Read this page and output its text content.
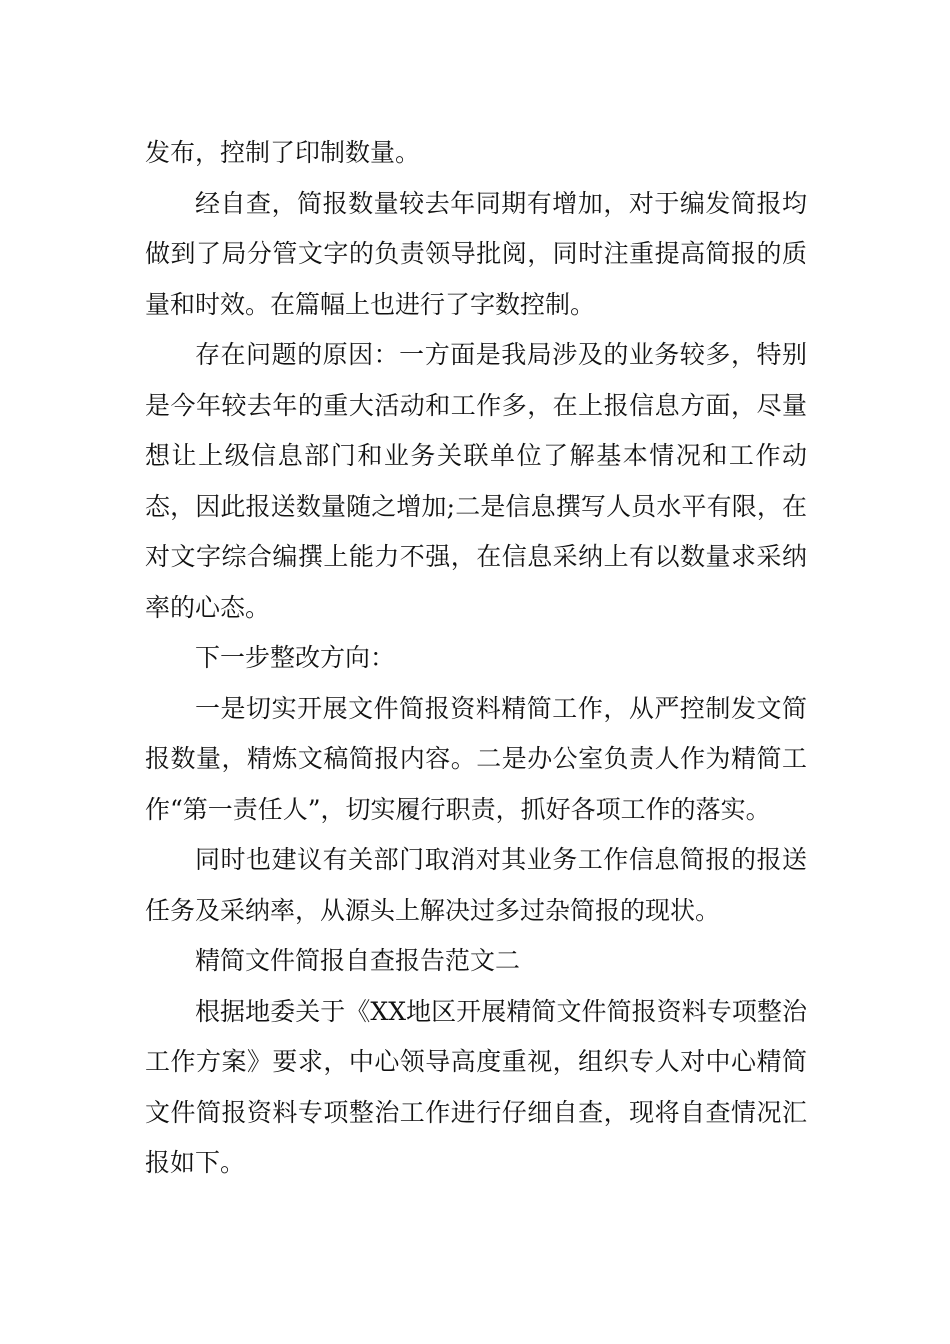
发布，控制了印制数量。

经自查，简报数量较去年同期有增加，对于编发简报均做到了局分管文字的负责领导批阅，同时注重提高简报的质量和时效。在篇幅上也进行了字数控制。

存在问题的原因：一方面是我局涉及的业务较多，特别是今年较去年的重大活动和工作多，在上报信息方面，尽量想让上级信息部门和业务关联单位了解基本情况和工作动态，因此报送数量随之增加;二是信息撰写人员水平有限，在对文字综合编撰上能力不强，在信息采纳上有以数量求采纳率的心态。

下一步整改方向：

一是切实开展文件简报资料精简工作，从严控制发文简报数量，精炼文稿简报内容。二是办公室负责人作为精简工作“第一责任人”，切实履行职责，抓好各项工作的落实。

同时也建议有关部门取消对其业务工作信息简报的报送任务及采纳率，从源头上解决过多过杂简报的现状。

精简文件简报自查报告范文二

根据地委关于《XX地区开展精简文件简报资料专项整治工作方案》要求，中心领导高度重视，组织专人对中心精简文件简报资料专项整治工作进行仔细自查，现将自查情况汇报如下。
